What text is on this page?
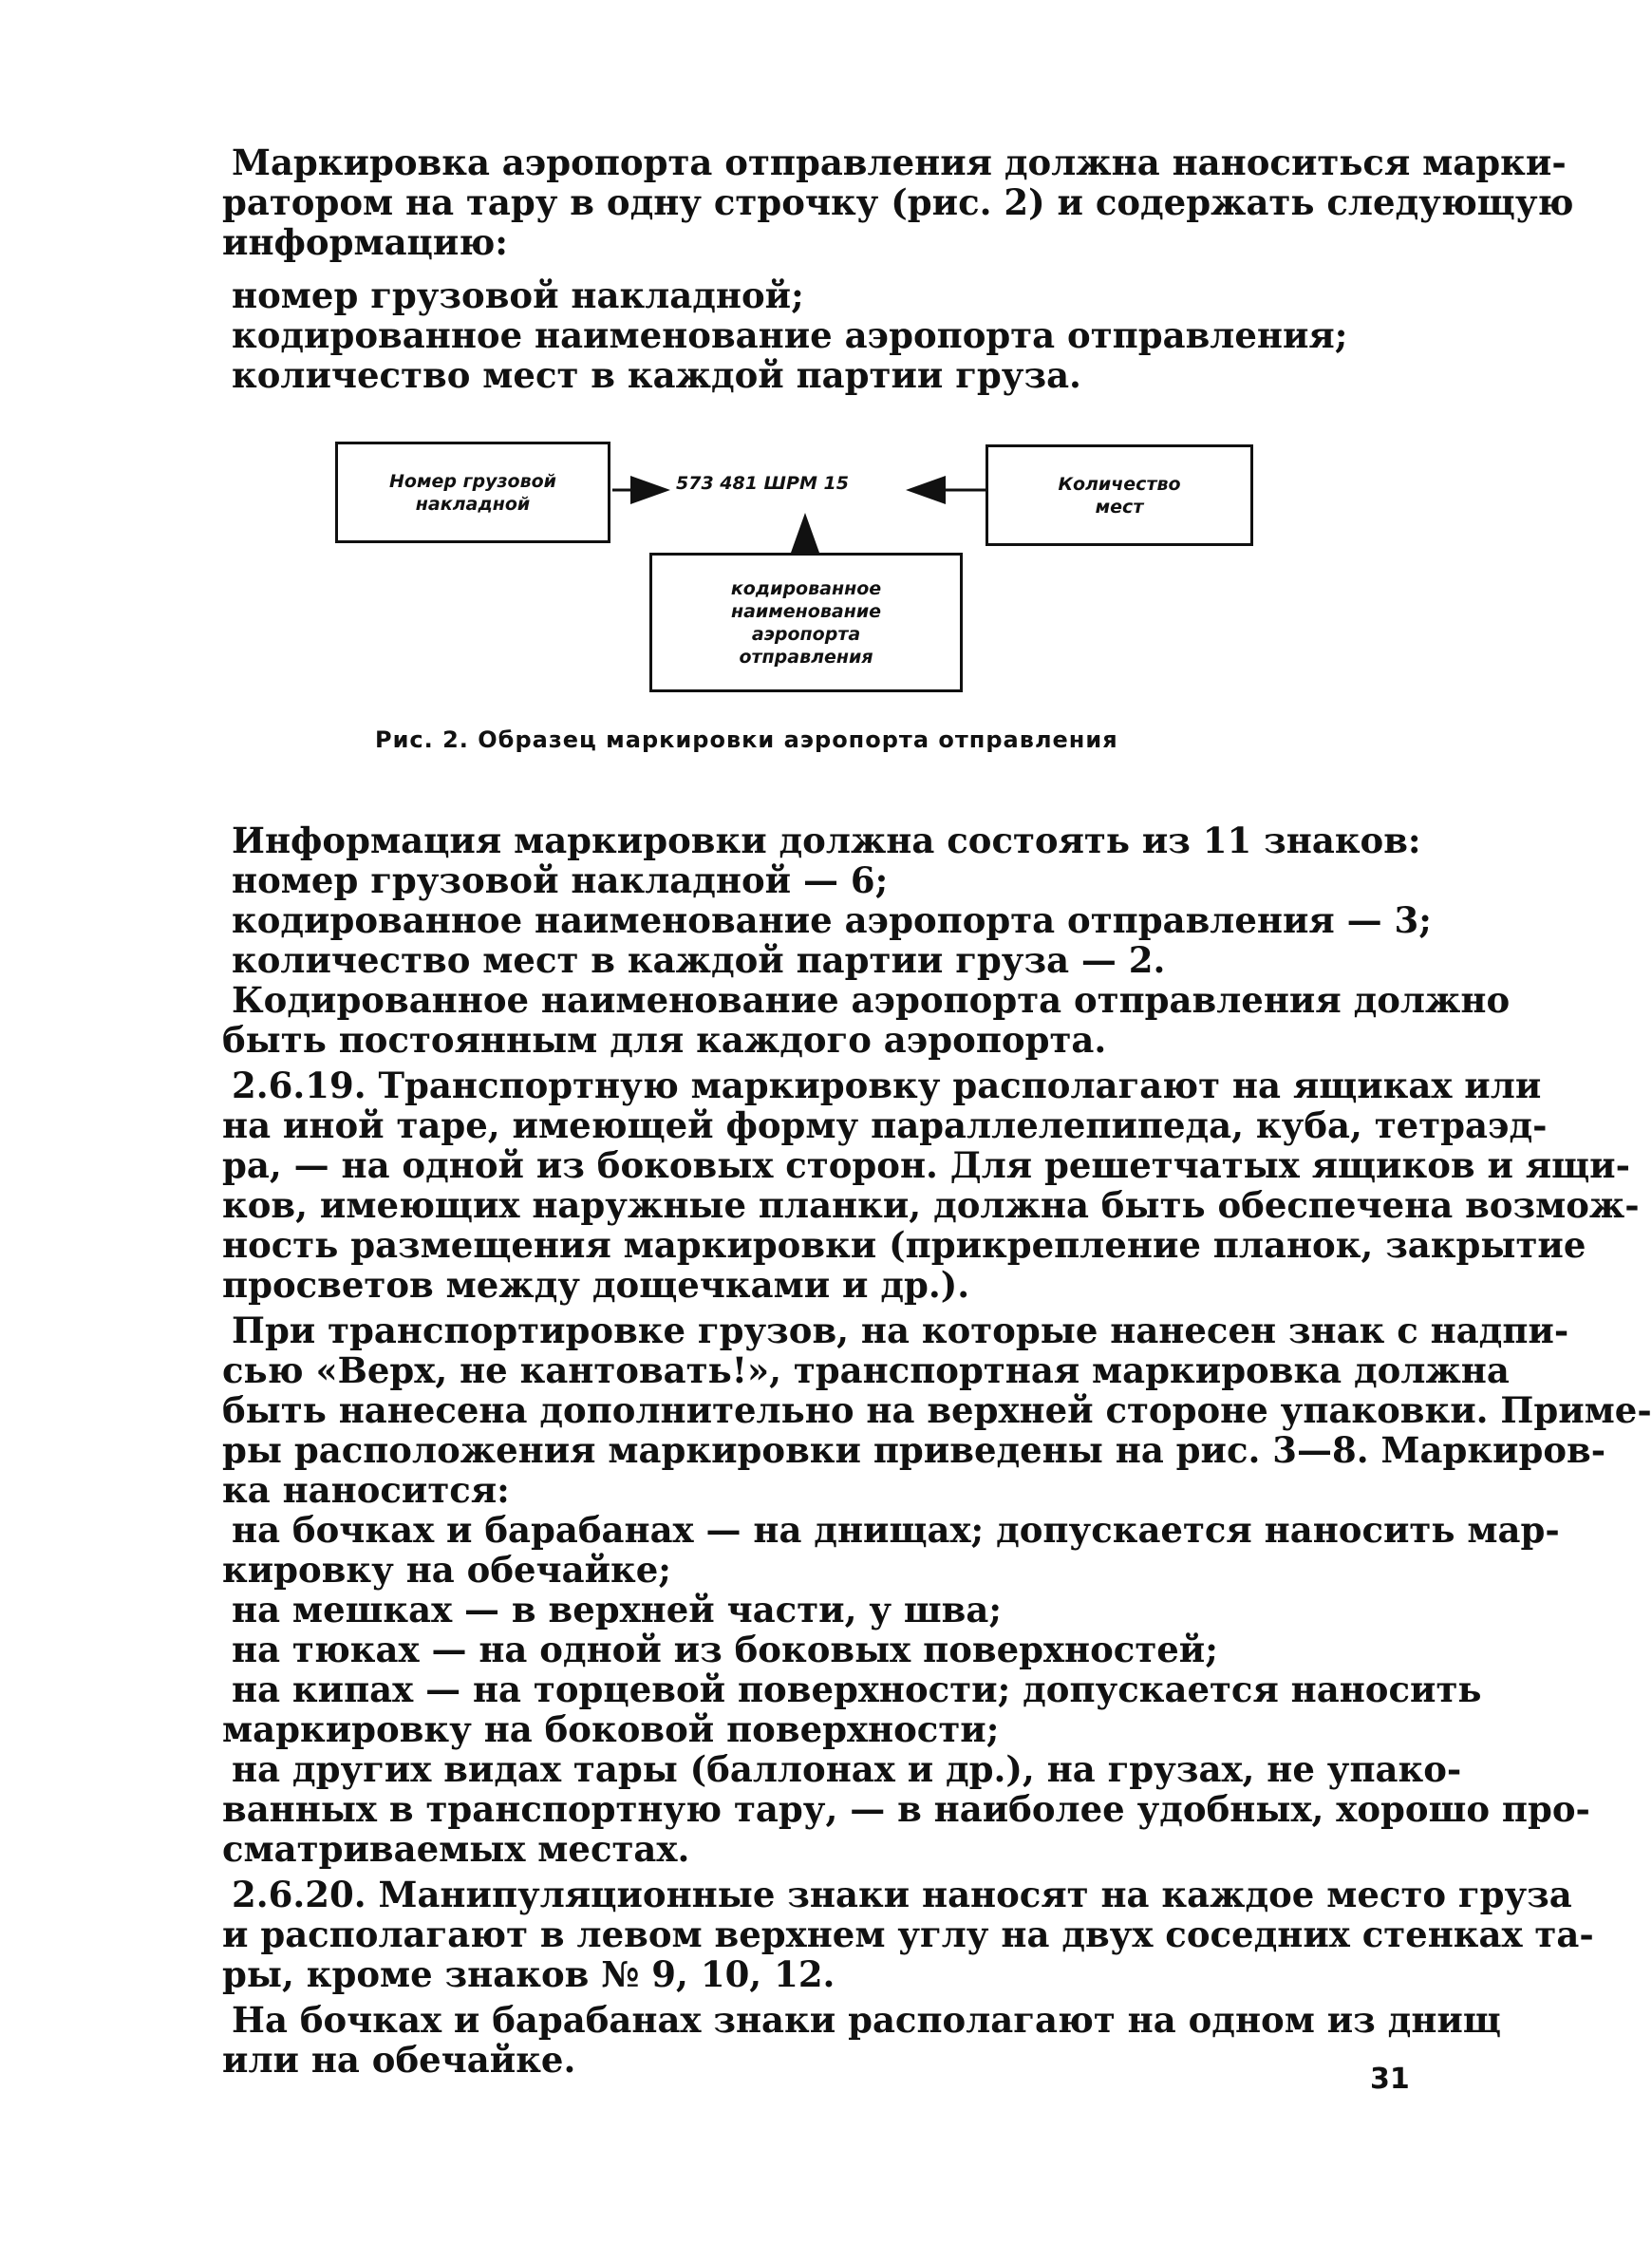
Маркировка аэропорта отправления должна наноситься марки-
ратором на тару в одну строчку (рис. 2) и содержать следующую
информацию:
номер грузовой накладной;
кодированное наименование аэропорта отправления;
количество мест в каждой партии груза.
Номер грузовой
накладной
573 481 ШРМ 15	Количество
мест
кодированное
наименование
аэропорта
отправления
Рис. 2. Образец маркировки аэропорта отправления
Информация маркировки должна состоять из 11 знаков:
номер грузовой накладной — 6;
кодированное наименование аэропорта отправления — 3;
количество мест в каждой партии груза — 2.
Кодированное наименование аэропорта отправления должно
быть постоянным для каждого аэропорта.
2.6.19. Транспортную маркировку располагают на ящиках или
на иной таре, имеющей форму параллелепипеда, куба, тетраэд-
ра, — на одной из боковых сторон. Для решетчатых ящиков и ящи-
ков, имеющих наружные планки, должна быть обеспечена возмож-
ность размещения маркировки (прикрепление планок, закрытие
просветов между дощечками и др.).
При транспортировке грузов, на которые нанесен знак с надпи-
сью «Верх, не кантовать!», транспортная маркировка должна
быть нанесена дополнительно на верхней стороне упаковки. Приме-
ры расположения маркировки приведены на рис. 3—8. Маркиров-
ка наносится:
на бочках и барабанах — на днищах; допускается наносить мар-
кировку на обечайке;
на мешках — в верхней части, у шва;
на тюках — на одной из боковых поверхностей;
на кипах — на торцевой поверхности; допускается наносить
маркировку на боковой поверхности;
на других видах тары (баллонах и др.), на грузах, не упако-
ванных в транспортную тару, — в наиболее удобных, хорошо про-
сматриваемых местах.
2.6.20. Манипуляционные знаки наносят на каждое место груза
и располагают в левом верхнем углу на двух соседних стенках та-
ры, кроме знаков № 9, 10, 12.
На бочках и барабанах знаки располагают на одном из днищ
или на обечайке.	31
